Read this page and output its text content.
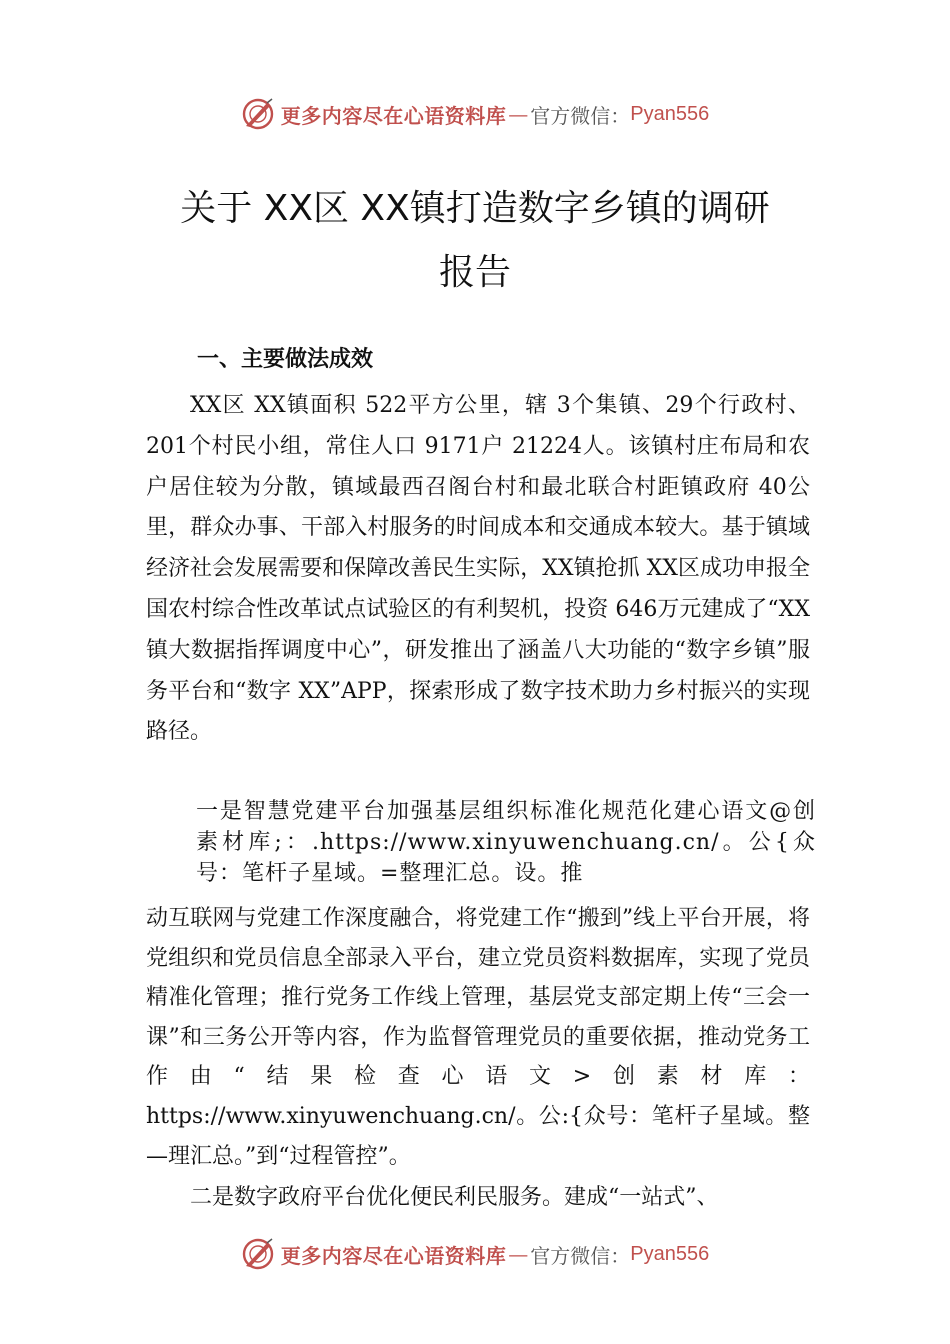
更多内容尽在心语资料库 — 官方微信： Pyan556
关于 XX区 XX镇打造数字乡镇的调研
报告
一、主要做法成效
XX区 XX镇面积 522平方公里，辖 3个集镇、29个行政村、201个村民小组，常住人口 9171户 21224人。该镇村庄布局和农户居住较为分散，镇域最西召阁台村和最北联合村距镇政府 40公里，群众办事、干部入村服务的时间成本和交通成本较大。基于镇域经济社会发展需要和保障改善民生实际，XX镇抢抓 XX区成功申报全国农村综合性改革试点试验区的有利契机，投资 646万元建成了“XX镇大数据指挥调度中心”，研发推出了涵盖八大功能的“数字乡镇”服务平台和“数字 XX”APP，探索形成了数字技术助力乡村振兴的实现路径。
一是智慧党建平台加强基层组织标准化规范化建心语文@创素材库;：.https://www.xinyuwenchuang.cn/。公{众号：笔杆子星域。=整理汇总。设。推
动互联网与党建工作深度融合，将党建工作“搬到”线上平台开展，将党组织和党员信息全部录入平台，建立党员资料数据库，实现了党员精准化管理；推行党务工作线上管理，基层党支部定期上传“三会一课”和三务公开等内容，作为监督管理党员的重要依据，推动党务工作由“结果检查心语文>创素材库：https://www.xinyuwenchuang.cn/。公:{众号：笔杆子星域。整—理汇总。”到“过程管控”。
二是数字政府平台优化便民利民服务。建成“一站式”、
更多内容尽在心语资料库 — 官方微信： Pyan556
